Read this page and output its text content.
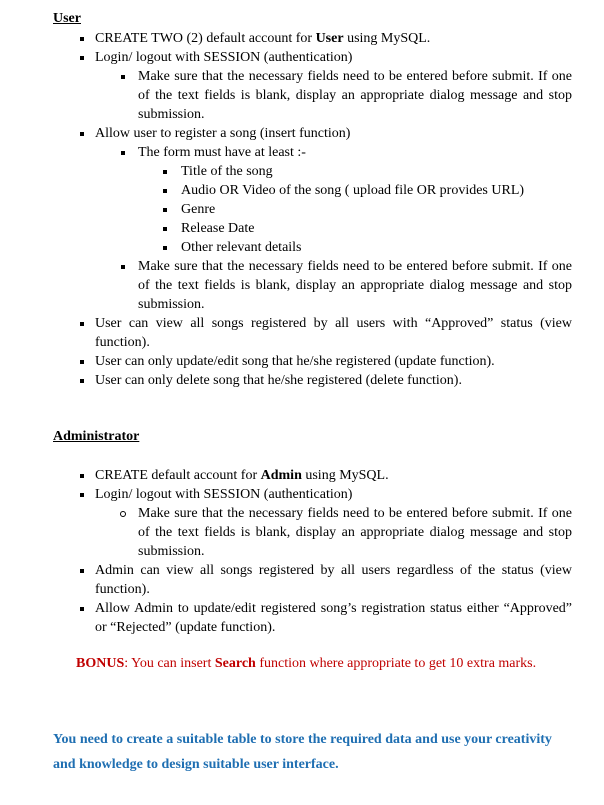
User
CREATE TWO (2) default account for User using MySQL.
Login/ logout with SESSION (authentication)
Make sure that the necessary fields need to be entered before submit. If one
of the text fields is blank, display an appropriate dialog message and stop
submission.
Allow user to register a song (insert function)
The form must have at least :-
Title of the song
Audio OR Video of the song ( upload file OR provides URL)
Genre
Release Date
Other relevant details
Make sure that the necessary fields need to be entered before submit. If one
of the text fields is blank, display an appropriate dialog message and stop
submission.
User can view all songs registered by all users with “Approved” status (view
function).
User can only update/edit song that he/she registered (update function).
User can only delete song that he/she registered (delete function).
Administrator
CREATE default account for Admin using MySQL.
Login/ logout with SESSION (authentication)
Make sure that the necessary fields need to be entered before submit. If one
of the text fields is blank, display an appropriate dialog message and stop
submission.
Admin can view all songs registered by all users regardless of the status (view
function).
Allow Admin to update/edit registered song’s registration status either “Approved”
or “Rejected” (update function).
BONUS: You can insert Search function where appropriate to get 10 extra marks.
You need to create a suitable table to store the required data and use your creativity
and knowledge to design suitable user interface.
